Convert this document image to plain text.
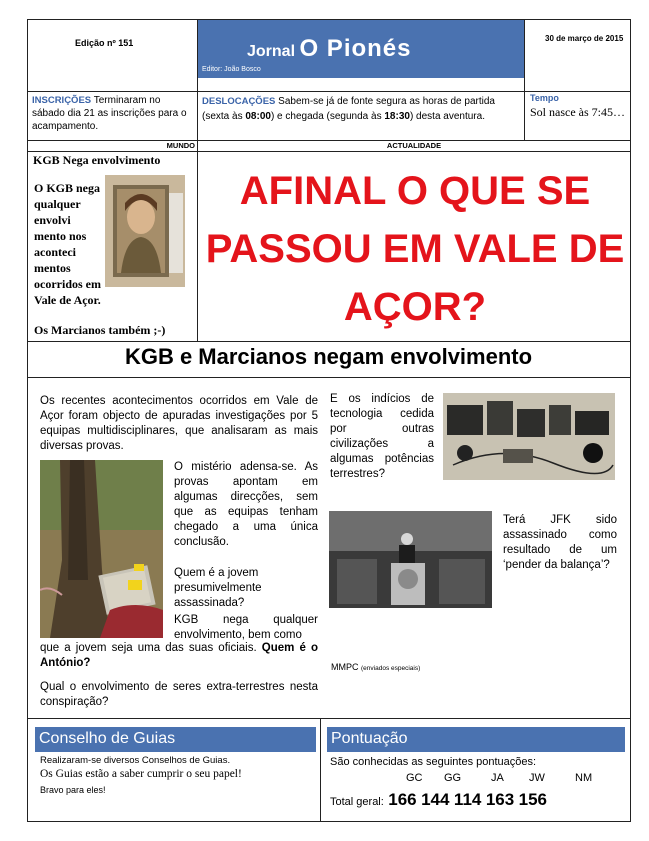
Edição nº 151	Jornal O Pionés
Editor: João Bosco
30 de março de 2015
INSCRIÇÕES Terminaram no sábado dia 21 as inscrições para o acampamento.
DESLOCAÇÕES Sabem-se já de fonte segura as horas de partida (sexta às 08:00) e chegada (segunda às 18:30) desta aventura.
Tempo
Sol nasce às 7:45…
MUNDO	ACTUALIDADE
KGB Nega envolvimento
O KGB nega qualquer envolvi mento nos aconteci mentos ocorridos em Vale de Açor.
Os Marcianos também ;-)
AFINAL O QUE SE PASSOU EM VALE DE AÇOR?
KGB e Marcianos negam envolvimento
Os recentes acontecimentos ocorridos em Vale de Açor foram objecto de apuradas investigações por 5 equipas multidisciplinares, que analisaram as mais diversas provas.
O mistério adensa-se. As provas apontam em algumas direcções, sem que as equipas tenham chegado a uma única conclusão.
Quem é a jovem presumivelmente assassinada?
KGB nega qualquer envolvimento, bem como
que a jovem seja uma das suas oficiais. Quem é o António?
Qual o envolvimento de seres extra-terrestres nesta conspiração?
E os indícios de tecnologia cedida por outras civilizações a algumas potências terrestres?
Terá JFK sido assassinado como resultado de um ‘pender da balança’?
MMPC (enviados especiais)
Conselho de Guias
Realizaram-se diversos Conselhos de Guias.
Os Guias estão a saber cumprir o seu papel!
Bravo para eles!
Pontuação
São conhecidas as seguintes pontuações:
GC GG	JA JW	NM
Total geral: 166 144 114 163 156
